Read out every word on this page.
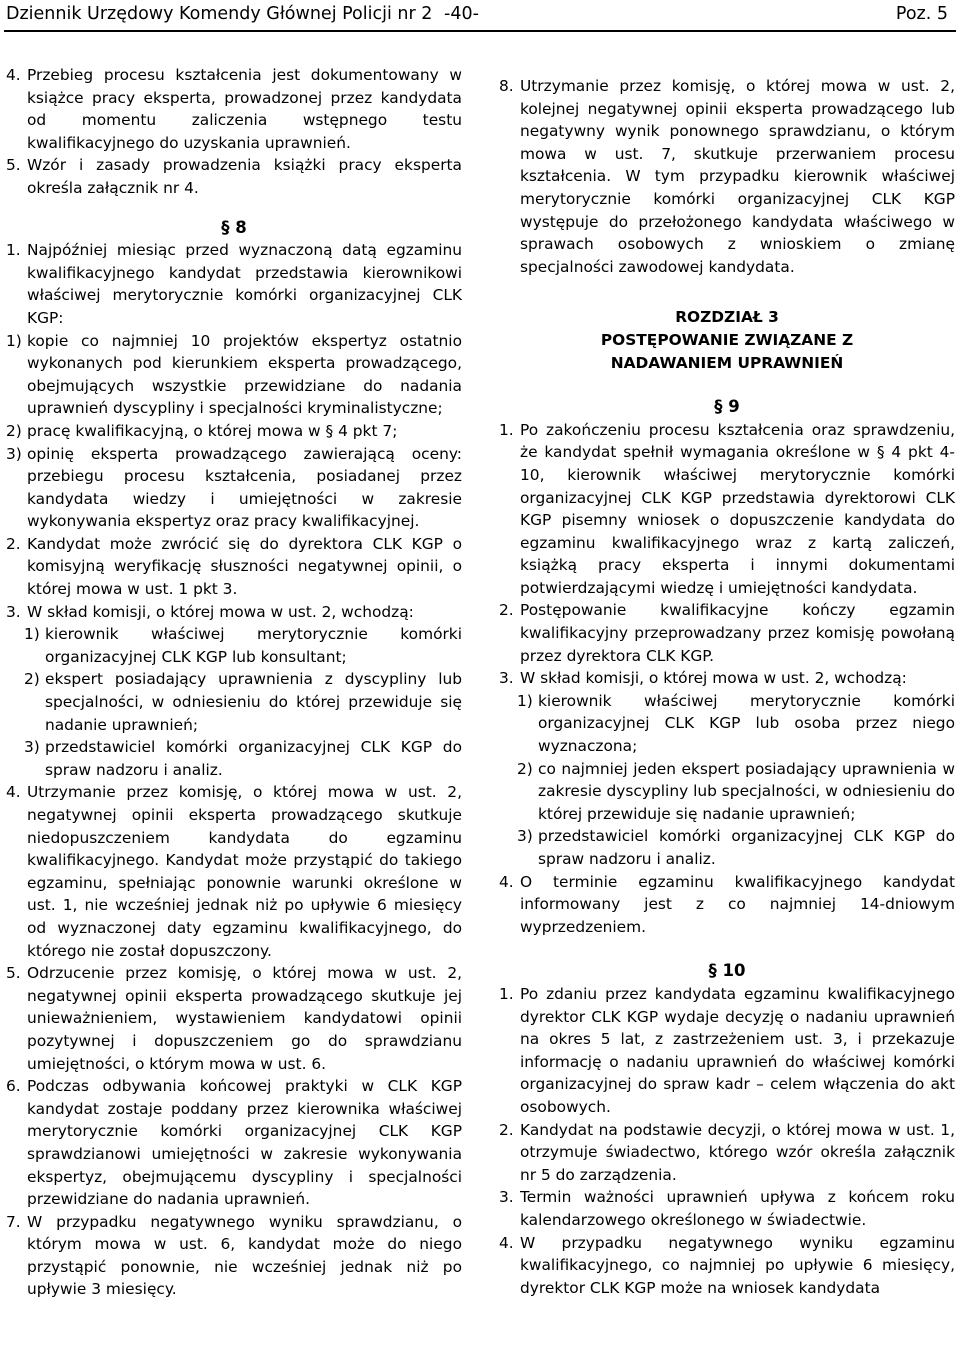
Dziennik Urzędowy Komendy Głównej Policji nr 2 -40-	Poz. 5
4. Przebieg procesu kształcenia jest dokumentowany w książce pracy eksperta, prowadzonej przez kandydata od momentu zaliczenia wstępnego testu kwalifikacyjnego do uzyskania uprawnień.
5. Wzór i zasady prowadzenia książki pracy eksperta określa załącznik nr 4.

§ 8

1. Najpóźniej miesiąc przed wyznaczoną datą egzaminu kwalifikacyjnego kandydat przedstawia kierownikowi właściwej merytorycznie komórki organizacyjnej CLK KGP:
1) kopie co najmniej 10 projektów ekspertyz ostatnio wykonanych pod kierunkiem eksperta prowadzącego, obejmujących wszystkie przewidziane do nadania uprawnień dyscypliny i specjalności kryminalistyczne;
2) pracę kwalifikacyjną, o której mowa w § 4 pkt 7;
3) opinię eksperta prowadzącego zawierającą oceny: przebiegu procesu kształcenia, posiadanej przez kandydata wiedzy i umiejętności w zakresie wykonywania ekspertyz oraz pracy kwalifikacyjnej.
2. Kandydat może zwrócić się do dyrektora CLK KGP o komisyjną weryfikację słuszności negatywnej opinii, o której mowa w ust. 1 pkt 3.
3. W skład komisji, o której mowa w ust. 2, wchodzą:
1) kierownik właściwej merytorycznie komórki organizacyjnej CLK KGP lub konsultant;
2) ekspert posiadający uprawnienia z dyscypliny lub specjalności, w odniesieniu do której przewiduje się nadanie uprawnień;
3) przedstawiciel komórki organizacyjnej CLK KGP do spraw nadzoru i analiz.
4. Utrzymanie przez komisję, o której mowa w ust. 2, negatywnej opinii eksperta prowadzącego skutkuje niedopuszczeniem kandydata do egzaminu kwalifikacyjnego. Kandydat może przystąpić do takiego egzaminu, spełniając ponownie warunki określone w ust. 1, nie wcześniej jednak niż po upływie 6 miesięcy od wyznaczonej daty egzaminu kwalifikacyjnego, do którego nie został dopuszczony.
5. Odrzucenie przez komisję, o której mowa w ust. 2, negatywnej opinii eksperta prowadzącego skutkuje jej unieważnieniem, wystawieniem kandydatowi opinii pozytywnej i dopuszczeniem go do sprawdzianu umiejętności, o którym mowa w ust. 6.
6. Podczas odbywania końcowej praktyki w CLK KGP kandydat zostaje poddany przez kierownika właściwej merytorycznie komórki organizacyjnej CLK KGP sprawdzianowi umiejętności w zakresie wykonywania ekspertyz, obejmującemu dyscypliny i specjalności przewidziane do nadania uprawnień.
7. W przypadku negatywnego wyniku sprawdzianu, o którym mowa w ust. 6, kandydat może do niego przystąpić ponownie, nie wcześniej jednak niż po upływie 3 miesięcy.
8. Utrzymanie przez komisję, o której mowa w ust. 2, kolejnej negatywnej opinii eksperta prowadzącego lub negatywny wynik ponownego sprawdzianu, o którym mowa w ust. 7, skutkuje przerwaniem procesu kształcenia. W tym przypadku kierownik właściwej merytorycznie komórki organizacyjnej CLK KGP występuje do przełożonego kandydata właściwego w sprawach osobowych z wnioskiem o zmianę specjalności zawodowej kandydata.

ROZDZIAŁ 3

POSTĘPOWANIE ZWIĄZANE Z NADAWANIEM UPRAWNIEŃ

§ 9

1. Po zakończeniu procesu kształcenia oraz sprawdzeniu, że kandydat spełnił wymagania określone w § 4 pkt 4-10, kierownik właściwej merytorycznie komórki organizacyjnej CLK KGP przedstawia dyrektorowi CLK KGP pisemny wniosek o dopuszczenie kandydata do egzaminu kwalifikacyjnego wraz z kartą zaliczeń, książką pracy eksperta i innymi dokumentami potwierdzającymi wiedzę i umiejętności kandydata.
2. Postępowanie kwalifikacyjne kończy egzamin kwalifikacyjny przeprowadzany przez komisję powołaną przez dyrektora CLK KGP.
3. W skład komisji, o której mowa w ust. 2, wchodzą:
1) kierownik właściwej merytorycznie komórki organizacyjnej CLK KGP lub osoba przez niego wyznaczona;
2) co najmniej jeden ekspert posiadający uprawnienia w zakresie dyscypliny lub specjalności, w odniesieniu do której przewiduje się nadanie uprawnień;
3) przedstawiciel komórki organizacyjnej CLK KGP do spraw nadzoru i analiz.
4. O terminie egzaminu kwalifikacyjnego kandydat informowany jest z co najmniej 14-dniowym wyprzedzeniem.

§ 10

1. Po zdaniu przez kandydata egzaminu kwalifikacyjnego dyrektor CLK KGP wydaje decyzję o nadaniu uprawnień na okres 5 lat, z zastrzeżeniem ust. 3, i przekazuje informację o nadaniu uprawnień do właściwej komórki organizacyjnej do spraw kadr – celem włączenia do akt osobowych.
2. Kandydat na podstawie decyzji, o której mowa w ust. 1, otrzymuje świadectwo, którego wzór określa załącznik nr 5 do zarządzenia.
3. Termin ważności uprawnień upływa z końcem roku kalendarzowego określonego w świadectwie.
4. W przypadku negatywnego wyniku egzaminu kwalifikacyjnego, co najmniej po upływie 6 miesięcy, dyrektor CLK KGP może na wniosek kandydata
